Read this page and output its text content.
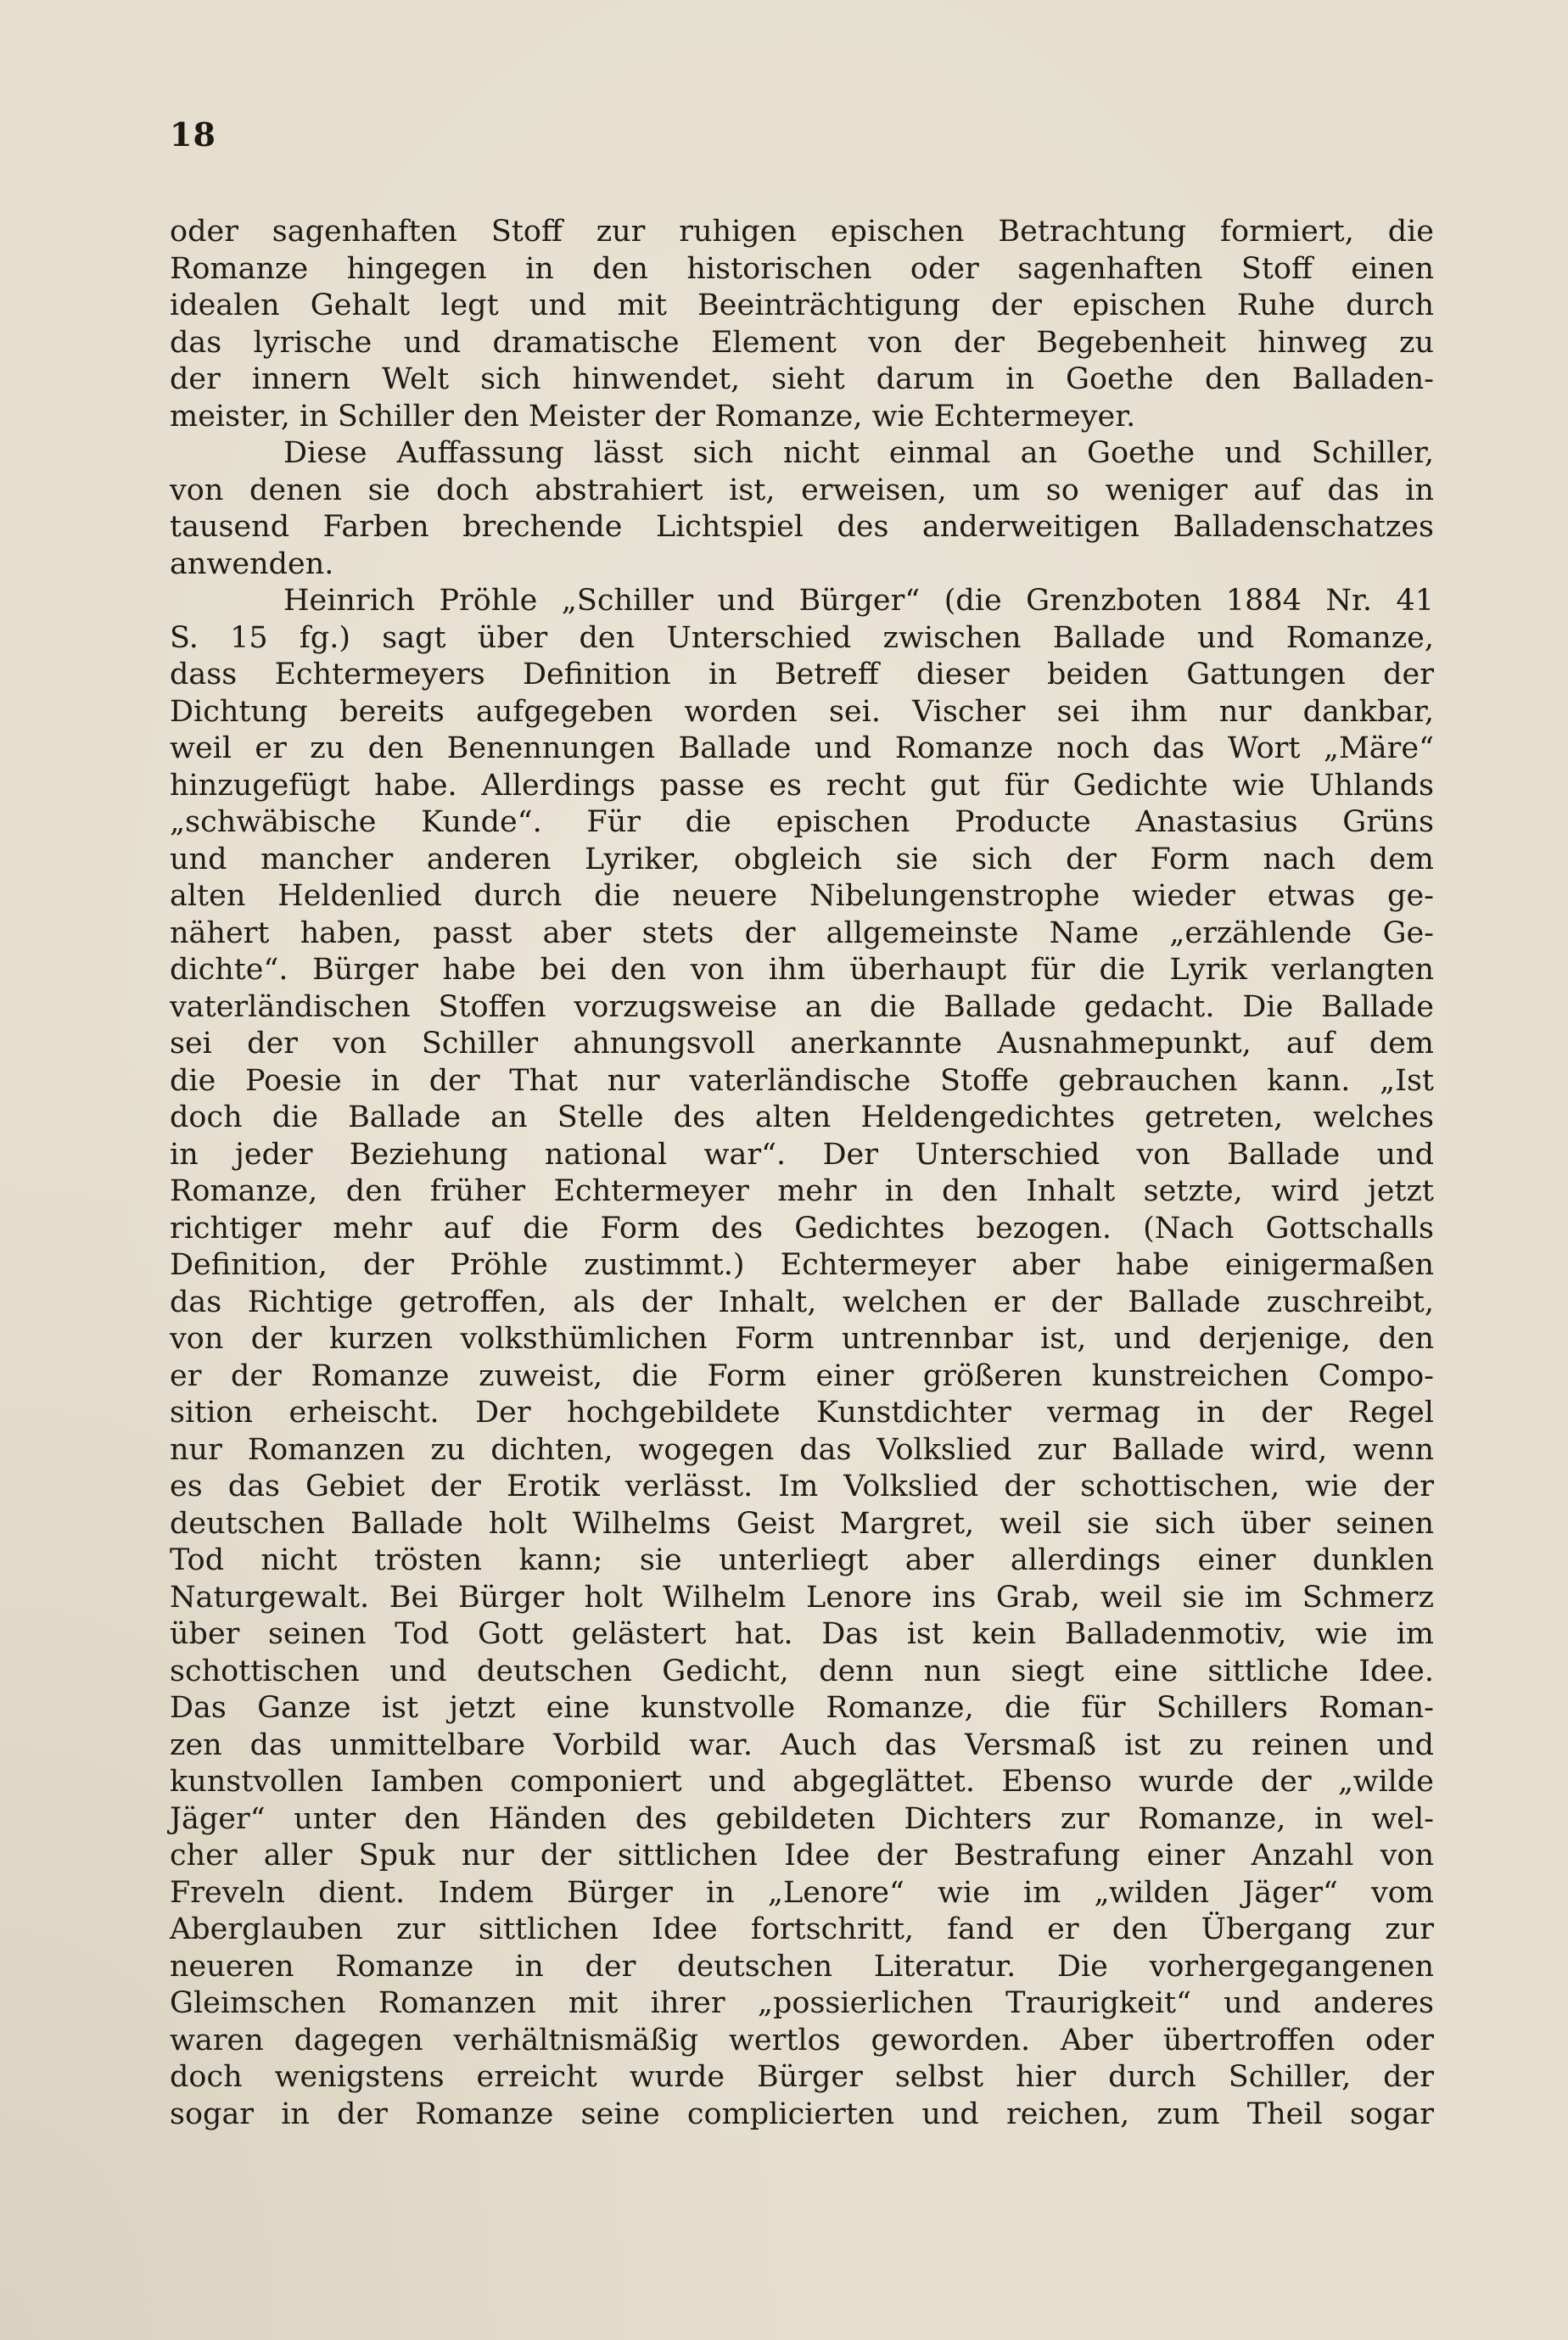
18
oder sagenhaften Stoff zur ruhigen epischen Betrachtung formiert, die
Romanze hingegen in den historischen oder sagenhaften Stoff einen
idealen Gehalt legt und mit Beeinträchtigung der epischen Ruhe durch
das lyrische und dramatische Element von der Begebenheit hinweg zu
der innern Welt sich hinwendet, sieht darum in Goethe den Balladen-
meister, in Schiller den Meister der Romanze, wie Echtermeyer.
Diese Auffassung lässt sich nicht einmal an Goethe und Schiller,
von denen sie doch abstrahiert ist, erweisen, um so weniger auf das in
tausend Farben brechende Lichtspiel des anderweitigen Balladenschatzes
anwenden.
Heinrich Pröhle „Schiller und Bürger“ (die Grenzboten 1884 Nr. 41
S. 15 fg.) sagt über den Unterschied zwischen Ballade und Romanze,
dass Echtermeyers Definition in Betreff dieser beiden Gattungen der
Dichtung bereits aufgegeben worden sei. Vischer sei ihm nur dankbar,
weil er zu den Benennungen Ballade und Romanze noch das Wort „Märe“
hinzugefügt habe. Allerdings passe es recht gut für Gedichte wie Uhlands
„schwäbische Kunde“. Für die epischen Producte Anastasius Grüns
und mancher anderen Lyriker, obgleich sie sich der Form nach dem
alten Heldenlied durch die neuere Nibelungenstrophe wieder etwas ge-
nähert haben, passt aber stets der allgemeinste Name „erzählende Ge-
dichte“. Bürger habe bei den von ihm überhaupt für die Lyrik verlangten
vaterländischen Stoffen vorzugsweise an die Ballade gedacht. Die Ballade
sei der von Schiller ahnungsvoll anerkannte Ausnahmepunkt, auf dem
die Poesie in der That nur vaterländische Stoffe gebrauchen kann. „Ist
doch die Ballade an Stelle des alten Heldengedichtes getreten, welches
in jeder Beziehung national war“. Der Unterschied von Ballade und
Romanze, den früher Echtermeyer mehr in den Inhalt setzte, wird jetzt
richtiger mehr auf die Form des Gedichtes bezogen. (Nach Gottschalls
Definition, der Pröhle zustimmt.) Echtermeyer aber habe einigermaßen
das Richtige getroffen, als der Inhalt, welchen er der Ballade zuschreibt,
von der kurzen volksthümlichen Form untrennbar ist, und derjenige, den
er der Romanze zuweist, die Form einer größeren kunstreichen Compo-
sition erheischt. Der hochgebildete Kunstdichter vermag in der Regel
nur Romanzen zu dichten, wogegen das Volkslied zur Ballade wird, wenn
es das Gebiet der Erotik verlässt. Im Volkslied der schottischen, wie der
deutschen Ballade holt Wilhelms Geist Margret, weil sie sich über seinen
Tod nicht trösten kann; sie unterliegt aber allerdings einer dunklen
Naturgewalt. Bei Bürger holt Wilhelm Lenore ins Grab, weil sie im Schmerz
über seinen Tod Gott gelästert hat. Das ist kein Balladenmotiv, wie im
schottischen und deutschen Gedicht, denn nun siegt eine sittliche Idee.
Das Ganze ist jetzt eine kunstvolle Romanze, die für Schillers Roman-
zen das unmittelbare Vorbild war. Auch das Versmaß ist zu reinen und
kunstvollen Iamben componiert und abgeglättet. Ebenso wurde der „wilde
Jäger“ unter den Händen des gebildeten Dichters zur Romanze, in wel-
cher aller Spuk nur der sittlichen Idee der Bestrafung einer Anzahl von
Freveln dient. Indem Bürger in „Lenore“ wie im „wilden Jäger“ vom
Aberglauben zur sittlichen Idee fortschritt, fand er den Übergang zur
neueren Romanze in der deutschen Literatur. Die vorhergegangenen
Gleimschen Romanzen mit ihrer „possierlichen Traurigkeit“ und anderes
waren dagegen verhältnismäßig wertlos geworden. Aber übertroffen oder
doch wenigstens erreicht wurde Bürger selbst hier durch Schiller, der
sogar in der Romanze seine complicierten und reichen, zum Theil sogar
